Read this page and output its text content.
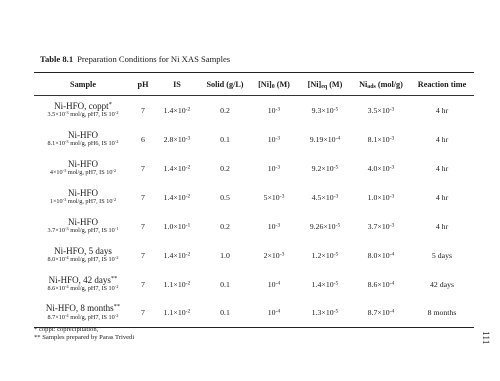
Table 8.1 Preparation Conditions for Ni XAS Samples
Sample	pH	IS	Solid (g/L)	$[Ni]_0$ (M)	$[Ni]_{eq}$ (M)	$Ni_{ads}$ (mol/g)	Reaction time

Ni-HFO, coppt*
$3.5\times 10^{-3}$ mol/g, pH7, IS $10^{-2}$	7	$1.4\times 10^{-2}$	0.2	$10^{-3}$	$9.3\times 10^{-5}$	$3.5\times 10^{-3}$	4 hr

Ni-HFO
$8.1\times 10^{-3}$ mol/g, pH6, IS $10^{-2}$	6	$2.8\times 10^{-3}$	0.1	$10^{-3}$	$9.19\times 10^{-4}$	$8.1\times 10^{-3}$	4 hr

Ni-HFO
$4\times 10^{-3}$ mol/g, pH7, IS $10^{-2}$	7	$1.4\times 10^{-2}$	0.2	$10^{-3}$	$9.2\times 10^{-5}$	$4.0\times 10^{-3}$	4 hr

Ni-HFO
$1\times 10^{-3}$ mol/g, pH7, IS $10^{-2}$	7	$1.4\times 10^{-2}$	0.5	$5\times 10^{-3}$	$4.5\times 10^{-3}$	$1.0\times 10^{-3}$	4 hr

Ni-HFO
$3.7\times 10^{-3}$ mol/g, pH7, IS $10^{-1}$	7	$1.0\times 10^{-1}$	0.2	$10^{-3}$	$9.26\times 10^{-5}$	$3.7\times 10^{-3}$	4 hr

Ni-HFO, 5 days
$8.0\times 10^{-4}$ mol/g, pH7, IS $10^{-2}$	7	$1.4\times 10^{-2}$	1.0	$2\times 10^{-3}$	$1.2\times 10^{-5}$	$8.0\times 10^{-4}$	5 days

Ni-HFO, 42 days**
$8.6\times 10^{-4}$ mol/g, pH7, IS $10^{-2}$	7	$1.1\times 10^{-2}$	0.1	$10^{-4}$	$1.4\times 10^{-5}$	$8.6\times 10^{-4}$	42 days

Ni-HFO, 8 months**
$8.7\times 10^{-4}$ mol/g, pH7, IS $10^{-2}$	7	$1.1\times 10^{-2}$	0.1	$10^{-4}$	$1.3\times 10^{-5}$	$8.7\times 10^{-4}$	8 months
* coppt: coprecipitation,
** Samples prepared by Paras Trivedi	111
